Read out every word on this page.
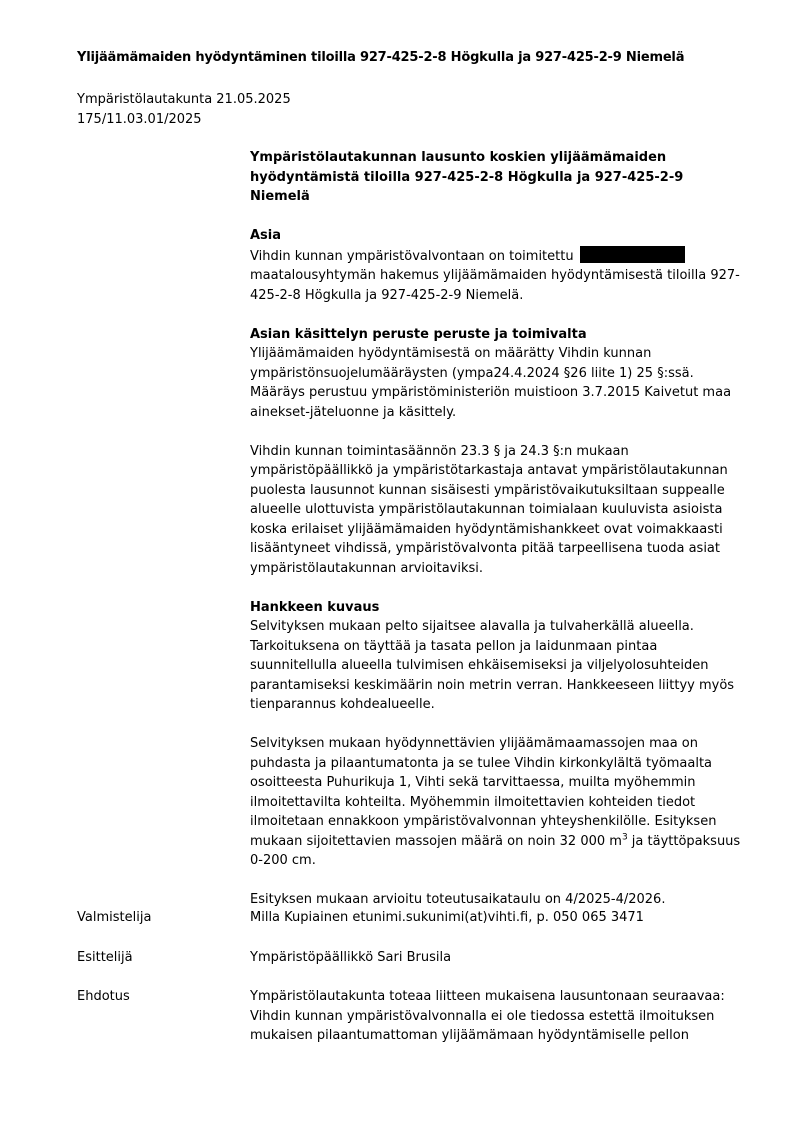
Ylijäämämaiden hyödyntäminen tiloilla 927-425-2-8 Högkulla ja 927-425-2-9 Niemelä
Ympäristölautakunta 21.05.2025
175/11.03.01/2025
Ympäristölautakunnan lausunto koskien ylijäämämaiden hyödyntämistä tiloilla 927-425-2-8 Högkulla ja 927-425-2-9 Niemelä
Asia

Vihdin kunnan ympäristövalvontaan on toimitettu  maatalousyhtymän hakemus ylijäämämaiden hyödyntämisestä tiloilla 927-425-2-8 Högkulla ja 927-425-2-9 Niemelä.

Asian käsittelyn peruste peruste ja toimivalta

Ylijäämämaiden hyödyntämisestä on määrätty Vihdin kunnan ympäristönsuojelumääräysten (ympa24.4.2024 §26 liite 1) 25 §:ssä. Määräys perustuu ympäristöministeriön muistioon 3.7.2015 Kaivetut maa ainekset-jäteluonne ja käsittely.

Vihdin kunnan toimintasäännön 23.3 § ja 24.3 §:n mukaan ympäristöpäällikkö ja ympäristötarkastaja antavat ympäristölautakunnan puolesta lausunnot kunnan sisäisesti ympäristövaikutuksiltaan suppealle alueelle ulottuvista ympäristölautakunnan toimialaan kuuluvista asioista koska erilaiset ylijäämämaiden hyödyntämishankkeet ovat voimakkaasti lisääntyneet vihdissä, ympäristövalvonta pitää tarpeellisena tuoda asiat ympäristölautakunnan arvioitaviksi.

Hankkeen kuvaus

Selvityksen mukaan pelto sijaitsee alavalla ja tulvaherkällä alueella. Tarkoituksena on täyttää ja tasata pellon ja laidunmaan pintaa suunnitellulla alueella tulvimisen ehkäisemiseksi ja viljelyolosuhteiden parantamiseksi keskimäärin noin metrin verran. Hankkeeseen liittyy myös tienparannus kohdealueelle.

Selvityksen mukaan hyödynnettävien ylijäämämaamassojen maa on puhdasta ja pilaantumatonta ja se tulee Vihdin kirkonkylältä työmaalta osoitteesta Puhurikuja 1, Vihti sekä tarvittaessa, muilta myöhemmin ilmoitettavilta kohteilta. Myöhemmin ilmoitettavien kohteiden tiedot ilmoitetaan ennakkoon ympäristövalvonnan yhteyshenkilölle. Esityksen mukaan sijoitettavien massojen määrä on noin 32 000 $m^3$ ja täyttöpaksuus 0-200 cm.

Esityksen mukaan arvioitu toteutusaikataulu on 4/2025-4/2026.

Valmistelija	Milla Kupiainen etunimi.sukunimi(at)vihti.fi, p. 050 065 3471
Esittelijä	Ympäristöpäällikkö Sari Brusila
Ehdotus	Ympäristölautakunta toteaa liitteen mukaisena lausuntonaan seuraavaa: Vihdin kunnan ympäristövalvonnalla ei ole tiedossa estettä ilmoituksen mukaisen pilaantumattoman ylijäämämaan hyödyntämiselle pellon
